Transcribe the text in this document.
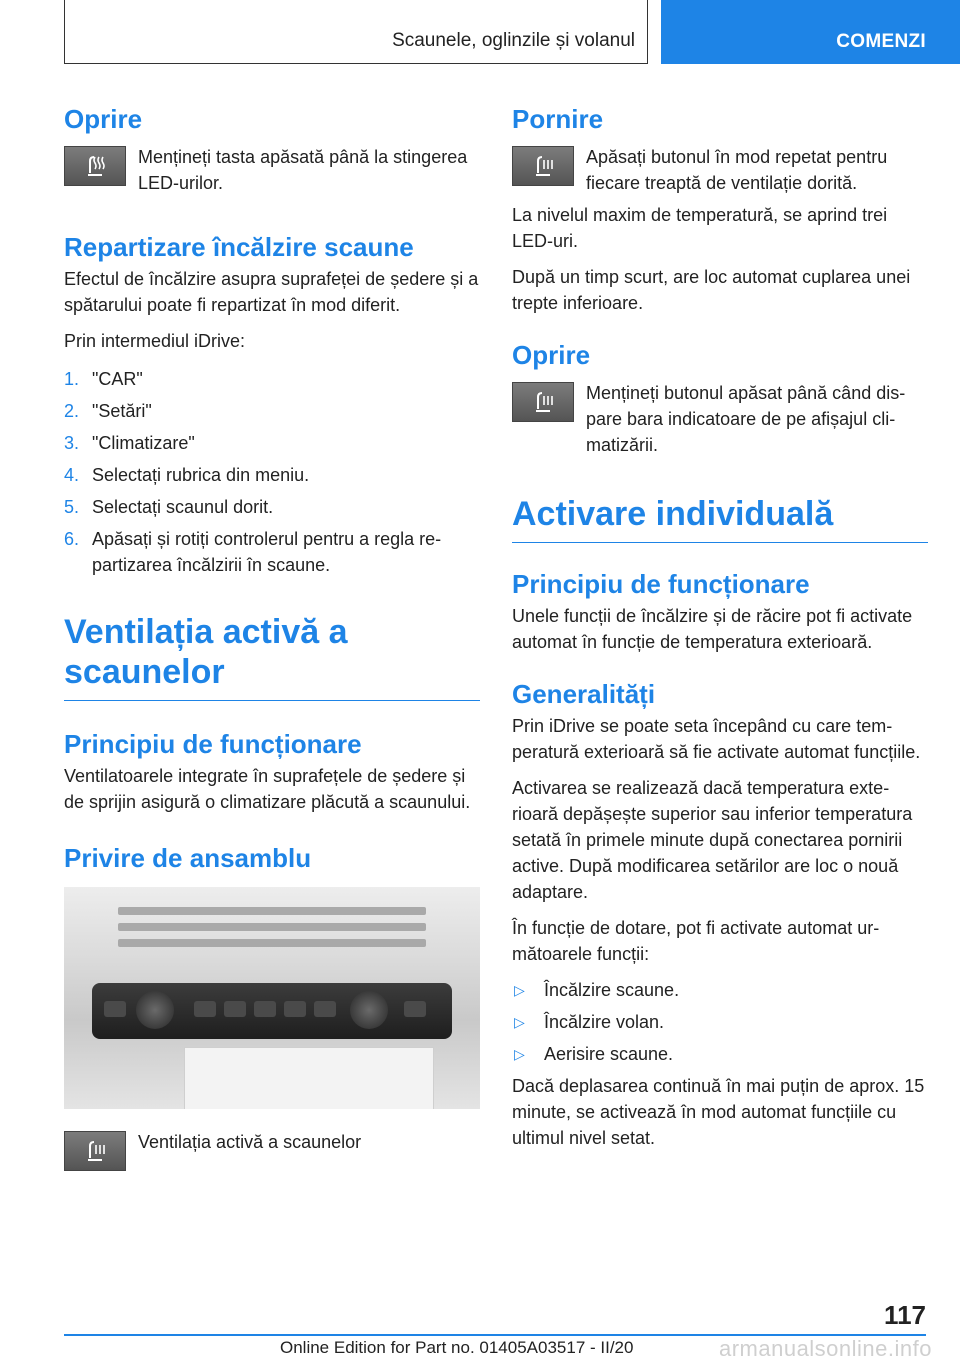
Scaunele, oglinzile și volanul	COMENZI
Oprire

Mențineți tasta apăsată până la stingerea LED-urilor.

Repartizare încălzire scaune

Efectul de încălzire asupra suprafeței de ședere și a spătarului poate fi repartizat în mod diferit.

Prin intermediul iDrive:

1. "CAR"
2. "Setări"
3. "Climatizare"
4. Selectați rubrica din meniu.
5. Selectați scaunul dorit.
6. Apăsați și rotiți controlerul pentru a regla repartizarea încălzirii în scaune.
Ventilația activă a scaunelor
Principiu de funcționare

Ventilatoarele integrate în suprafețele de ședere și de sprijin asigură o climatizare plăcută a scaunului.

Privire de ansamblu

Ventilația activă a scaunelor

Pornire

Apăsați butonul în mod repetat pentru fiecare treaptă de ventilație dorită.

La nivelul maxim de temperatură, se aprind trei LED-uri.

După un timp scurt, are loc automat cuplarea unei trepte inferioare.

Oprire

Mențineți butonul apăsat până când dispare bara indicatoare de pe afișajul climatizării.

Activare individuală
Principiu de funcționare

Unele funcții de încălzire și de răcire pot fi activate automat în funcție de temperatura exterioară.

Generalități

Prin iDrive se poate seta începând cu care temperatură exterioară să fie activate automat funcțiile.

Activarea se realizează dacă temperatura exterioară depășește superior sau inferior temperatura setată în primele minute după conectarea pornirii active. După modificarea setărilor are loc o nouă adaptare.

În funcție de dotare, pot fi activate automat următoarele funcții:

▷	Încălzire scaune.
▷	Încălzire volan.
▷	Aerisire scaune.

Dacă deplasarea continuă în mai puțin de aprox. 15 minute, se activează în mod automat funcțiile cu ultimul nivel setat.

117
Online Edition for Part no. 01405A03517 - II/20	armanualsonline.info
